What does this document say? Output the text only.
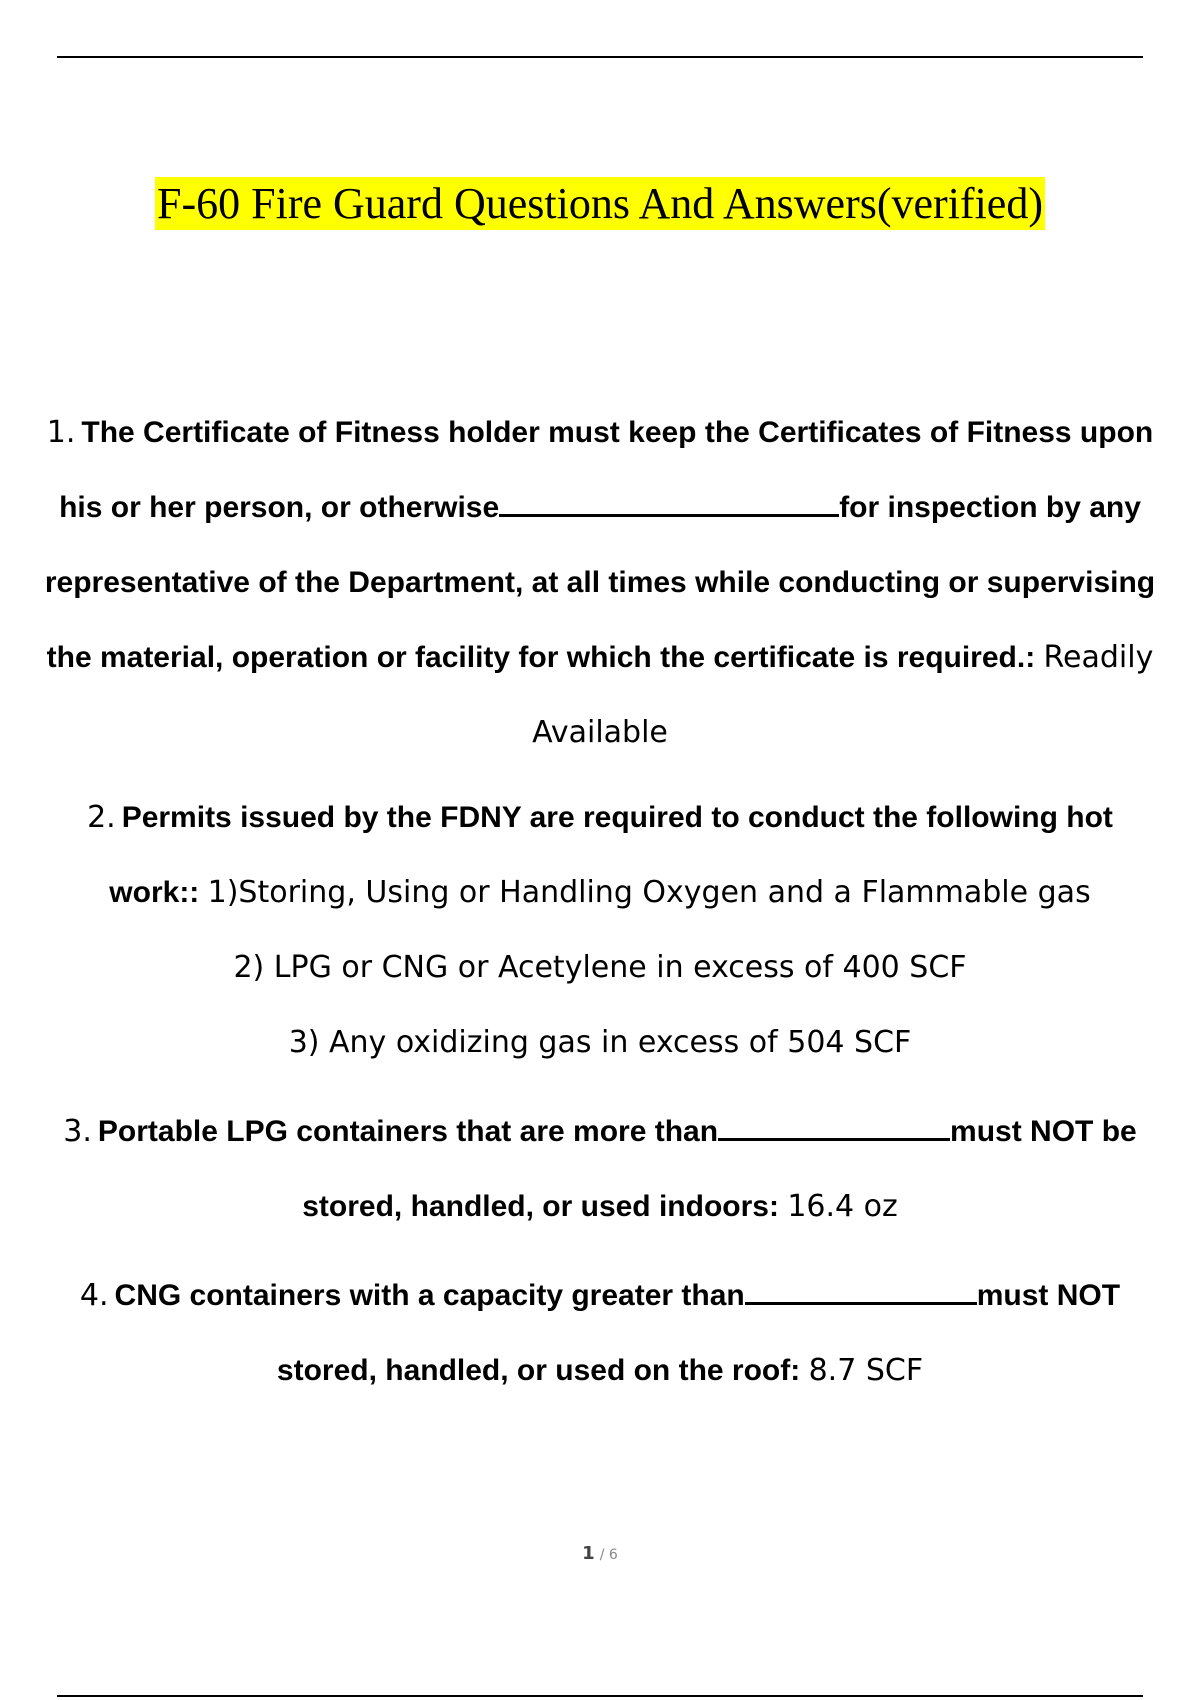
F-60 Fire Guard Questions And Answers(verified)
1. The Certificate of Fitness holder must keep the Certificates of Fitness upon his or her person, or otherwise	for inspection by any representative of the Department, at all times while conducting or supervising the material, operation or facility for which the certificate is required.: Readily Available
2. Permits issued by the FDNY are required to conduct the following hot work:: 1)Storing, Using or Handling Oxygen and a Flammable gas
2) LPG or CNG or Acetylene in excess of 400 SCF
3) Any oxidizing gas in excess of 504 SCF
3. Portable LPG containers that are more than	must NOT be stored, handled, or used indoors: 16.4 oz
4. CNG containers with a capacity greater than	must NOT stored, handled, or used on the roof: 8.7 SCF
1 / 6
